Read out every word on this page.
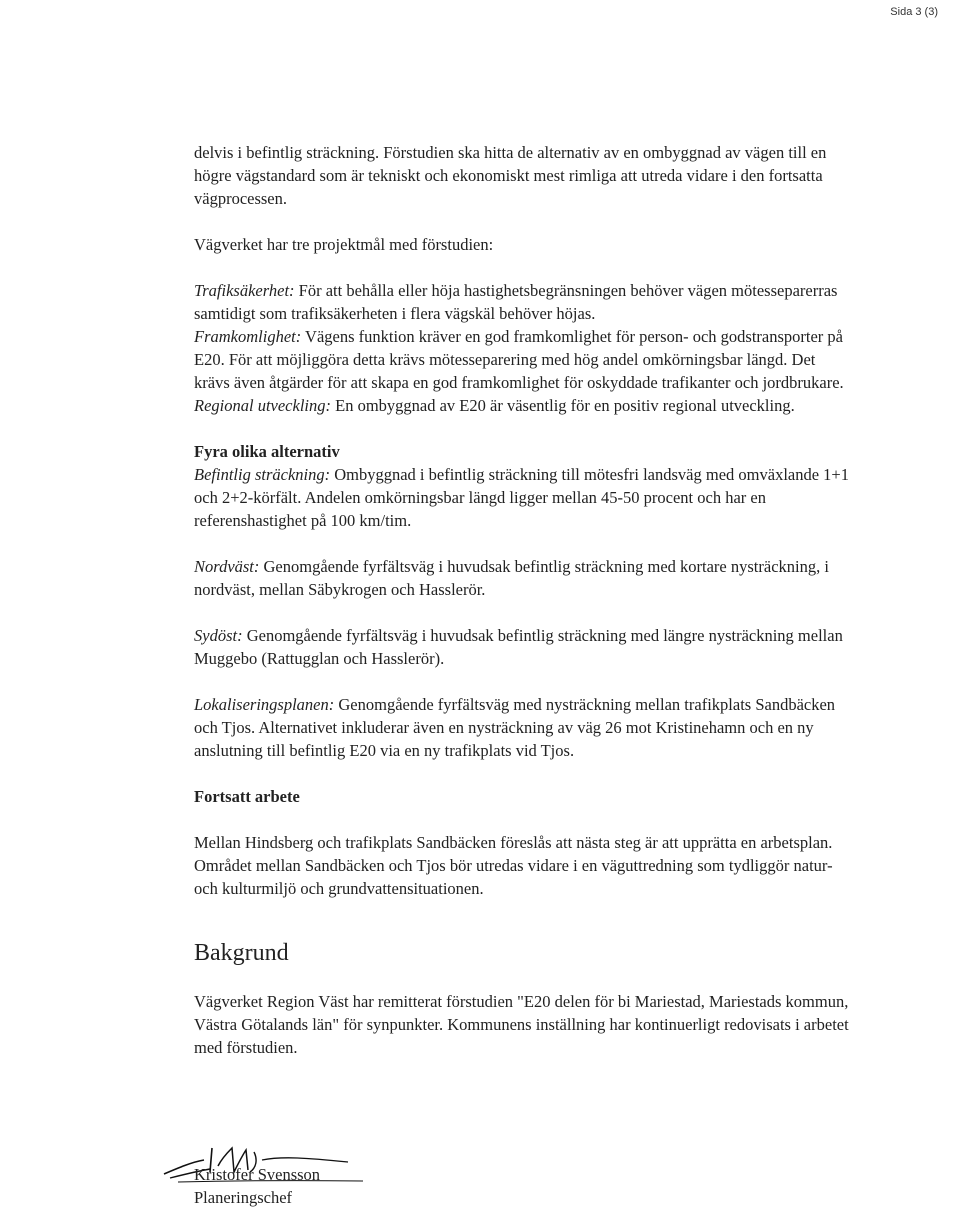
Sida 3 (3)

delvis i befintlig sträckning. Förstudien ska hitta de alternativ av en ombyggnad av vägen till en högre vägstandard som är tekniskt och ekonomiskt mest rimliga att utreda vidare i den fortsatta vägprocessen.

Vägverket har tre projektmål med förstudien:

Trafiksäkerhet: För att behålla eller höja hastighetsbegränsningen behöver vägen mötesseparerras samtidigt som trafiksäkerheten i flera vägskäl behöver höjas.

Framkomlighet: Vägens funktion kräver en god framkomlighet för person- och godstransporter på E20. För att möjliggöra detta krävs mötesseparering med hög andel omkörningsbar längd. Det krävs även åtgärder för att skapa en god framkomlighet för oskyddade trafikanter och jordbrukare.

Regional utveckling: En ombyggnad av E20 är väsentlig för en positiv regional utveckling.

Fyra olika alternativ

Befintlig sträckning: Ombyggnad i befintlig sträckning till mötesfri landsväg med omväxlande 1+1 och 2+2-körfält. Andelen omkörningsbar längd ligger mellan 45-50 procent och har en referenshastighet på 100 km/tim.

Nordväst: Genomgående fyrfältsväg i huvudsak befintlig sträckning med kortare nysträckning, i nordväst, mellan Säbykrogen och Hasslerör.

Sydöst: Genomgående fyrfältsväg i huvudsak befintlig sträckning med längre nysträckning mellan Muggebo (Rattugglan och Hasslerör).

Lokaliseringsplanen: Genomgående fyrfältsväg med nysträckning mellan trafikplats Sandbäcken och Tjos. Alternativet inkluderar även en nysträckning av väg 26 mot Kristinehamn och en ny anslutning till befintlig E20 via en ny trafikplats vid Tjos.

Fortsatt arbete

Mellan Hindsberg och trafikplats Sandbäcken föreslås att nästa steg är att upprätta en arbetsplan. Området mellan Sandbäcken och Tjos bör utredas vidare i en väguttredning som tydliggör natur- och kulturmiljö och grundvattensituationen.

Bakgrund

Vägverket Region Väst har remitterat förstudien "E20 delen för bi Mariestad, Mariestads kommun, Västra Götalands län" för synpunkter. Kommunens inställning har kontinuerligt redovisats i arbetet med förstudien.

Kristofer Svensson
Planeringschef
